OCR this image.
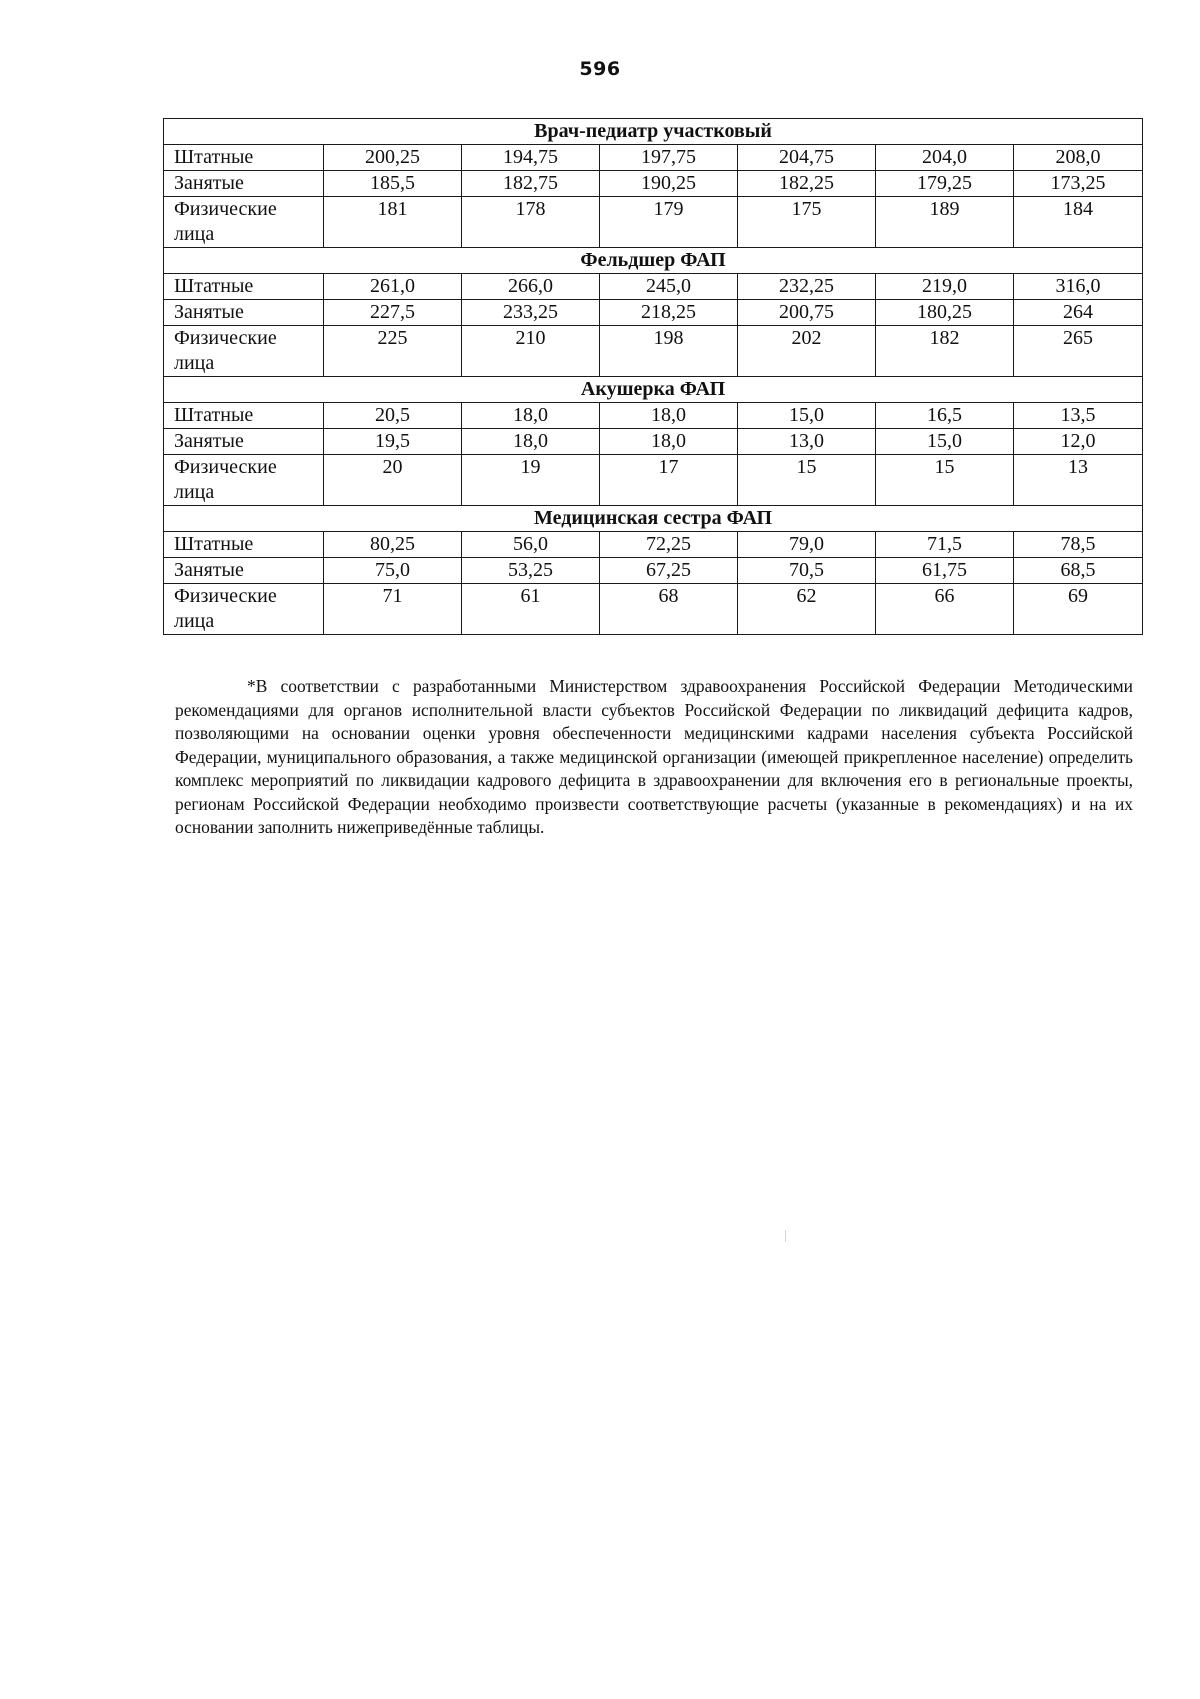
596
Врач-педиатр участковый						
Штатные	200,25	194,75	197,75	204,75	204,0	208,0
Занятые	185,5	182,75	190,25	182,25	179,25	173,25
Физические лица	181	178	179	175	189	184
Фельдшер ФАП						
Штатные	261,0	266,0	245,0	232,25	219,0	316,0
Занятые	227,5	233,25	218,25	200,75	180,25	264
Физические лица	225	210	198	202	182	265
Акушерка ФАП						
Штатные	20,5	18,0	18,0	15,0	16,5	13,5
Занятые	19,5	18,0	18,0	13,0	15,0	12,0
Физические лица	20	19	17	15	15	13
Медицинская сестра ФАП						
Штатные	80,25	56,0	72,25	79,0	71,5	78,5
Занятые	75,0	53,25	67,25	70,5	61,75	68,5
Физические лица	71	61	68	62	66	69

*В соответствии с разработанными Министерством здравоохранения Российской Федерации Методическими рекомендациями для органов исполнительной власти субъектов Российской Федерации по ликвидаций дефицита кадров, позволяющими на основании оценки уровня обеспеченности медицинскими кадрами населения субъекта Российской Федерации, муниципального образования, а также медицинской организации (имеющей прикрепленное население) определить комплекс мероприятий по ликвидации кадрового дефицита в здравоохранении для включения его в региональные проекты, регионам Российской Федерации необходимо произвести соответствующие расчеты (указанные в рекомендациях) и на их основании заполнить нижеприведённые таблицы.
